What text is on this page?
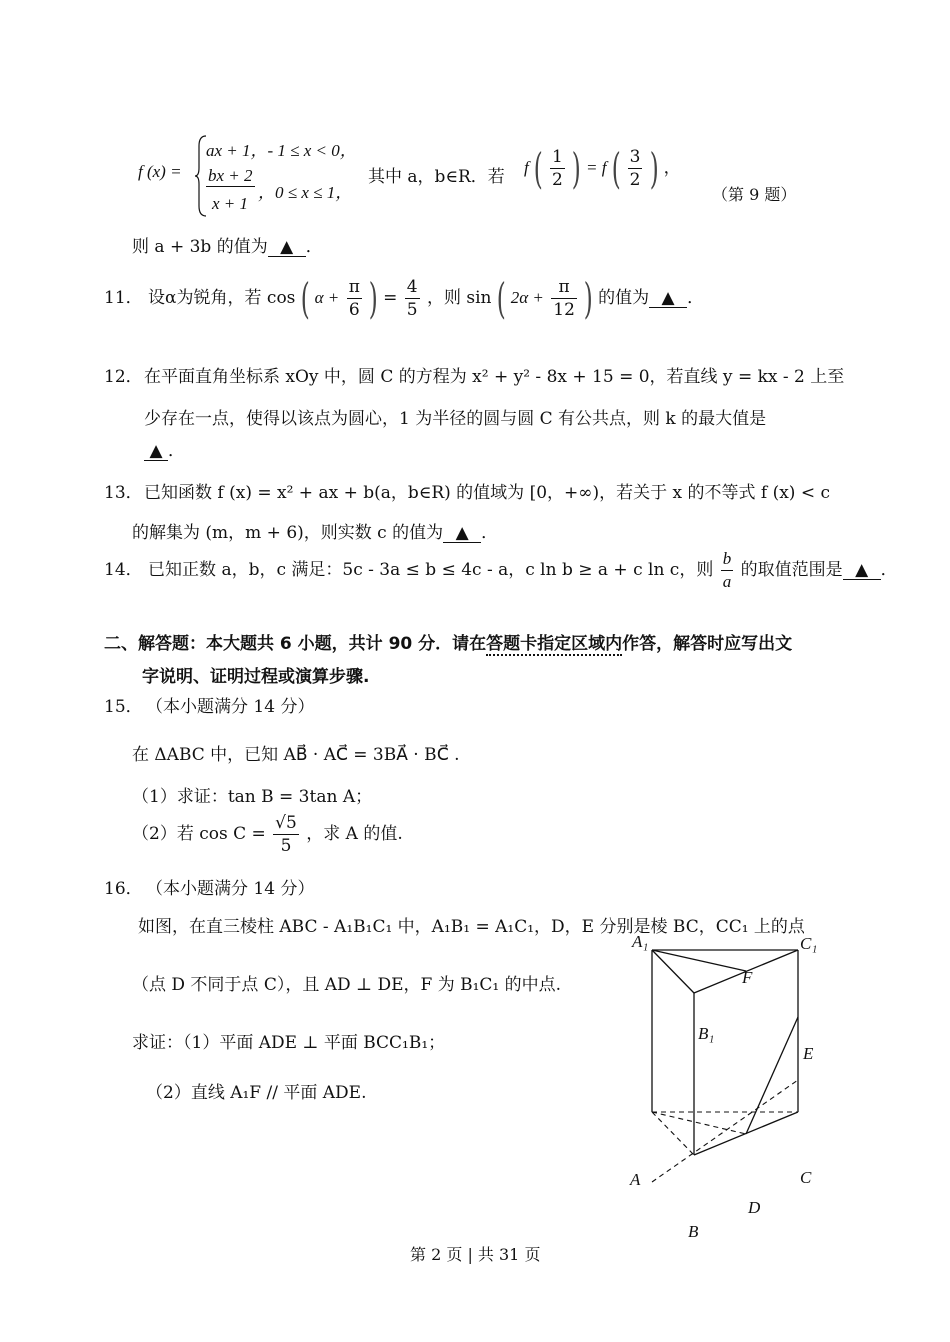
f (x) =
ax + 1，- 1 ≤ x < 0，
bx + 2
x + 1
，0 ≤ x ≤ 1，
其中 a，b∈R．若 f ( $\frac{1}{2}$ ) = f ( $\frac{3}{2}$ ) ，
（第 9 题）
则 a + 3b 的值为 ▲ ．
11． 设α为锐角，若 cos ( $\alpha + \frac{\pi}{6}$ ) = $\frac{4}{5}$ ，则 sin ( $2\alpha + \frac{\pi}{12}$ ) 的值为 ▲ ．
12． 在平面直角坐标系 xOy 中，圆 C 的方程为 x² + y² - 8x + 15 = 0，若直线 y = kx - 2 上至
少存在一点，使得以该点为圆心，1 为半径的圆与圆 C 有公共点，则 k 的最大值是
▲ ．
13． 已知函数 f (x) = x² + ax + b(a，b∈R) 的值域为 [0，+∞)，若关于 x 的不等式 f (x) < c
的解集为 (m，m + 6)，则实数 c 的值为 ▲ ．
14． 已知正数 a，b，c 满足：5c - 3a ≤ b ≤ 4c - a，c ln b ≥ a + c ln c，则 $\frac{b}{a}$ 的取值范围是 ▲ ．
二、解答题：本大题共 6 小题，共计 90 分．请在答题卡指定区域内作答，解答时应写出文
字说明、证明过程或演算步骤.
15． （本小题满分 14 分）
在 ΔABC 中，已知 AB⃗ · AC⃗ = 3BA⃗ · BC⃗ .
（1）求证：tan B = 3tan A；
（2）若 $\cos C = \frac{√5}{5}$ ，求 A 的值.
16． （本小题满分 14 分）
如图，在直三棱柱 ABC - A₁B₁C₁ 中，A₁B₁ = A₁C₁，D，E 分别是棱 BC，CC₁ 上的点
（点 D 不同于点 C），且 AD ⊥ DE，F 为 B₁C₁ 的中点.
求证：（1）平面 ADE ⊥ 平面 BCC₁B₁；
（2）直线 A₁F // 平面 ADE.
A₁	C₁
F
B₁
E
A	C
D
B
第 2 页 | 共 31 页
